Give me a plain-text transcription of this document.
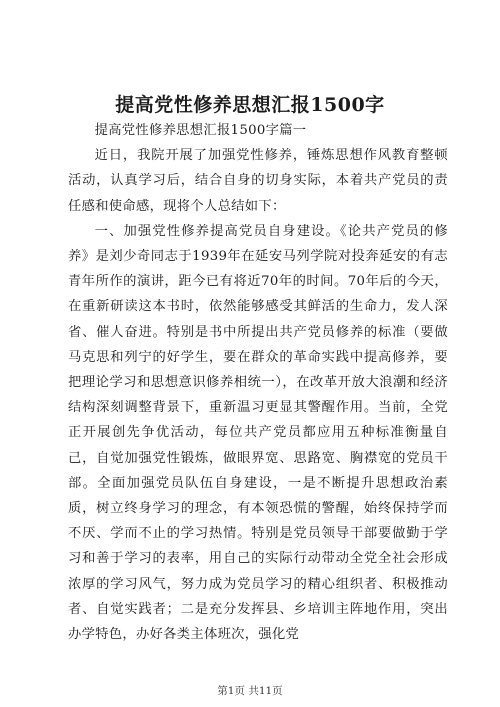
提高党性修养思想汇报1500字

提高党性修养思想汇报1500字篇一

近日，我院开展了加强党性修养，锤炼思想作风教育整顿活动，认真学习后，结合自身的切身实际，本着共产党员的责任感和使命感，现将个人总结如下：

一、加强党性修养提高党员自身建设。《论共产党员的修养》是刘少奇同志于1939年在延安马列学院对投奔延安的有志青年所作的演讲，距今已有将近70年的时间。70年后的今天，在重新研读这本书时，依然能够感受其鲜活的生命力，发人深省、催人奋进。特别是书中所提出共产党员修养的标准（要做马克思和列宁的好学生，要在群众的革命实践中提高修养，要把理论学习和思想意识修养相统一），在改革开放大浪潮和经济结构深刻调整背景下，重新温习更显其警醒作用。当前，全党正开展创先争优活动，每位共产党员都应用五种标准衡量自己，自觉加强党性锻炼，做眼界宽、思路宽、胸襟宽的党员干部。全面加强党员队伍自身建设，一是不断提升思想政治素质，树立终身学习的理念，有本领恐慌的警醒，始终保持学而不厌、学而不止的学习热情。特别是党员领导干部要做勤于学习和善于学习的表率，用自己的实际行动带动全党全社会形成浓厚的学习风气，努力成为党员学习的精心组织者、积极推动者、自觉实践者；二是充分发挥县、乡培训主阵地作用，突出办学特色，办好各类主体班次，强化党

第1页 共11页
